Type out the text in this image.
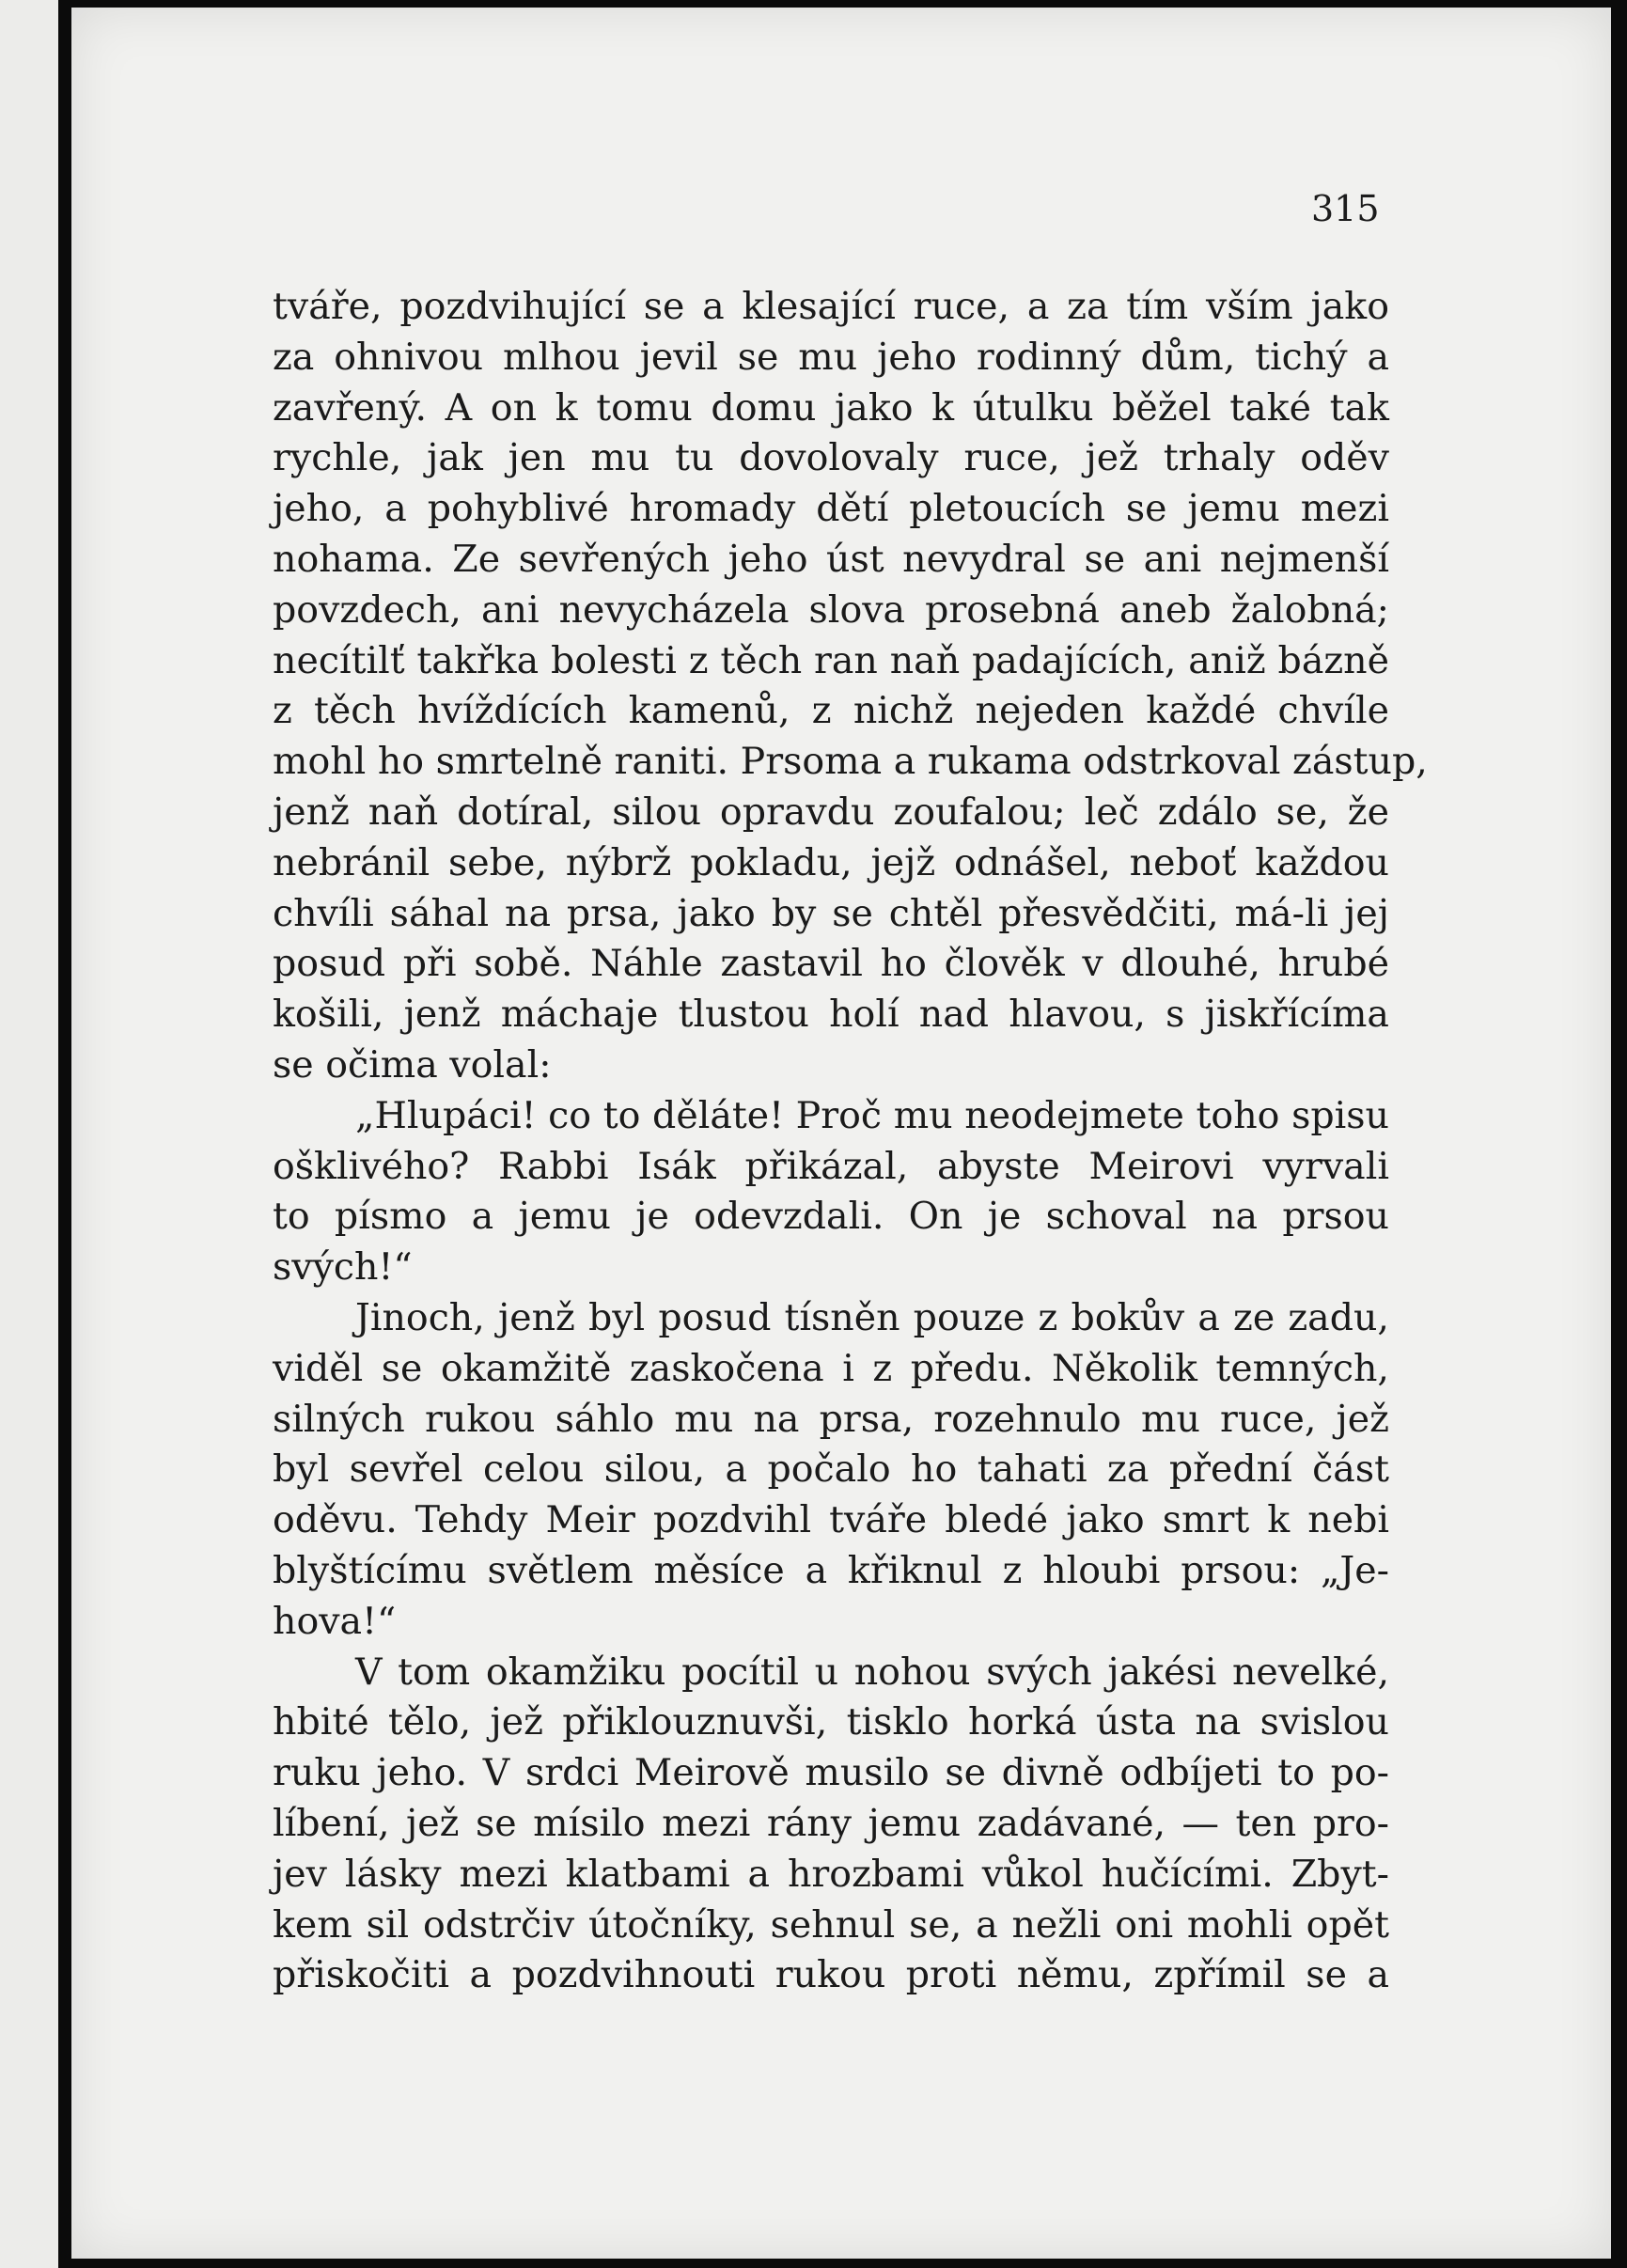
315

tváře, pozdvihující se a klesající ruce, a za tím vším jako
za ohnivou mlhou jevil se mu jeho rodinný dům, tichý a
zavřený. A on k tomu domu jako k útulku běžel také tak
rychle, jak jen mu tu dovolovaly ruce, jež trhaly oděv
jeho, a pohyblivé hromady dětí pletoucích se jemu mezi
nohama. Ze sevřených jeho úst nevydral se ani nejmenší
povzdech, ani nevycházela slova prosebná aneb žalobná;
necítilť takřka bolesti z těch ran naň padajících, aniž bázně
z těch hvíždících kamenů, z nichž nejeden každé chvíle
mohl ho smrtelně raniti. Prsoma a rukama odstrkoval zástup,
jenž naň dotíral, silou opravdu zoufalou; leč zdálo se, že
nebránil sebe, nýbrž pokladu, jejž odnášel, neboť každou
chvíli sáhal na prsa, jako by se chtěl přesvědčiti, má-li jej
posud při sobě. Náhle zastavil ho člověk v dlouhé, hrubé
košili, jenž máchaje tlustou holí nad hlavou, s jiskřícíma
se očima volal:

„Hlupáci! co to děláte! Proč mu neodejmete toho spisu
ošklivého? Rabbi Isák přikázal, abyste Meirovi vyrvali
to písmo a jemu je odevzdali. On je schoval na prsou
svých!“

Jinoch, jenž byl posud tísněn pouze z bokův a ze zadu,
viděl se okamžitě zaskočena i z předu. Několik temných,
silných rukou sáhlo mu na prsa, rozehnulo mu ruce, jež
byl sevřel celou silou, a počalo ho tahati za přední část
oděvu. Tehdy Meir pozdvihl tváře bledé jako smrt k nebi
blyštícímu světlem měsíce a křiknul z hloubi prsou: „Je-
hova!“

V tom okamžiku pocítil u nohou svých jakési nevelké,
hbité tělo, jež přiklouznuvši, tisklo horká ústa na svislou
ruku jeho. V srdci Meirově musilo se divně odbíjeti to po-
líbení, jež se mísilo mezi rány jemu zadávané, — ten pro-
jev lásky mezi klatbami a hrozbami vůkol hučícími. Zbyt-
kem sil odstrčiv útočníky, sehnul se, a nežli oni mohli opět
přiskočiti a pozdvihnouti rukou proti němu, zpřímil se a
